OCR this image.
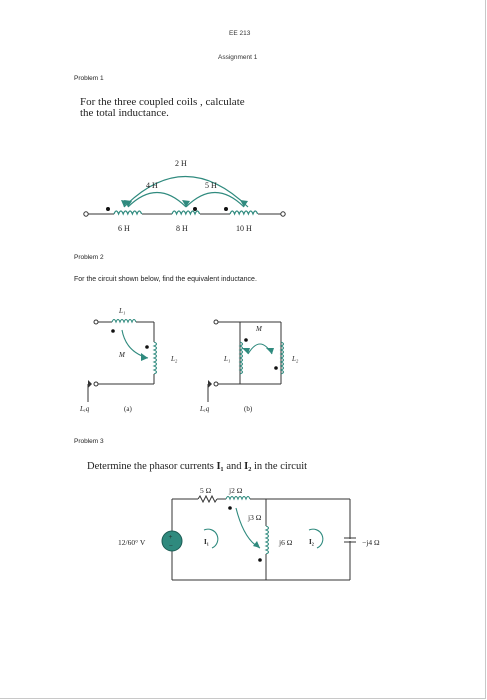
EE 213
Assignment 1
Problem 1
For the three coupled coils , calculate
the total inductance.
6 H	8 H	10 H
4 H	5 H
2 H
Problem 2
For the circuit shown below, find the equivalent inductance.
L₁
M	L₂
Lₑq	(a)
M
L₁	L₂
Lₑq	(b)
Problem 3
Determine the phasor currents I₁ and I₂ in the circuit
+
−
12/60° V
5 Ω j2 Ω
j3 Ω
j6 Ω	−j4 Ω
I₁	I₂
